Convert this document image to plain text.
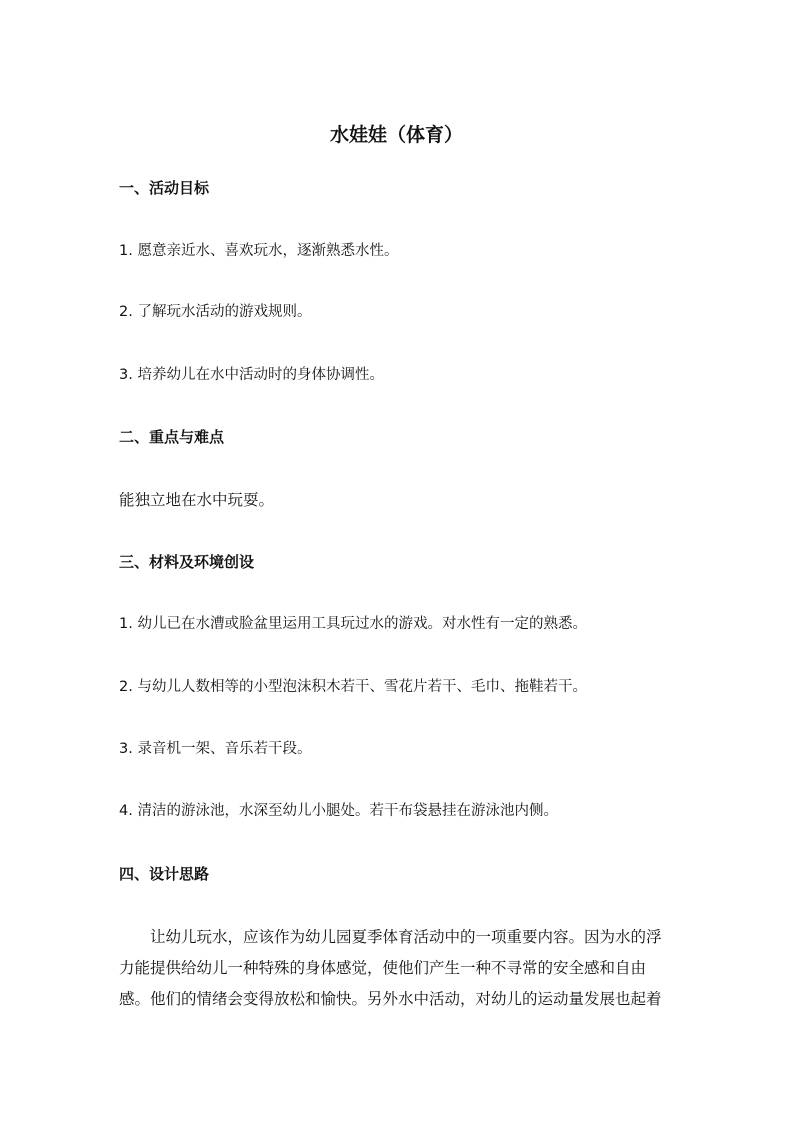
水娃娃（体育）
一、活动目标
1. 愿意亲近水、喜欢玩水，逐渐熟悉水性。
2. 了解玩水活动的游戏规则。
3. 培养幼儿在水中活动时的身体协调性。
二、重点与难点
能独立地在水中玩耍。
三、材料及环境创设
1. 幼儿已在水漕或脸盆里运用工具玩过水的游戏。对水性有一定的熟悉。
2. 与幼儿人数相等的小型泡沫积木若干、雪花片若干、毛巾、拖鞋若干。
3. 录音机一架、音乐若干段。
4. 清洁的游泳池，水深至幼儿小腿处。若干布袋悬挂在游泳池内侧。
四、设计思路
让幼儿玩水，应该作为幼儿园夏季体育活动中的一项重要内容。因为水的浮
力能提供给幼儿一种特殊的身体感觉，使他们产生一种不寻常的安全感和自由
感。他们的情绪会变得放松和愉快。另外水中活动，对幼儿的运动量发展也起着
